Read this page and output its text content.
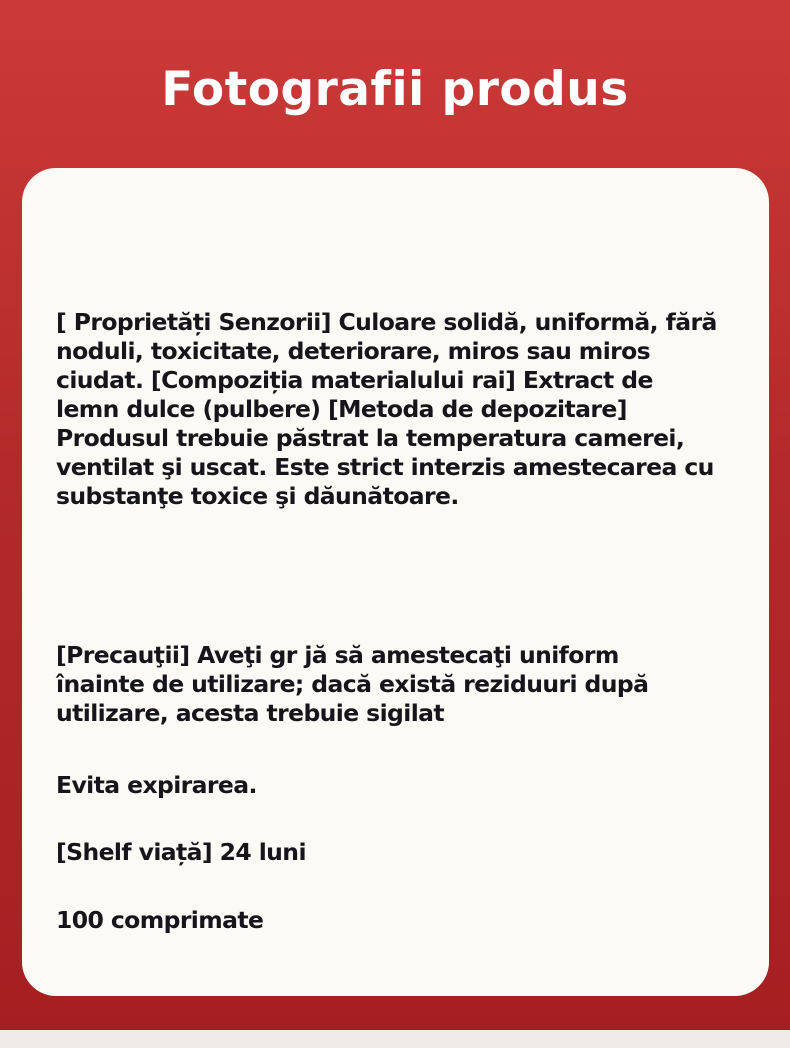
Fotografii produs

[ Proprietăți Senzorii] Culoare solidă, uniformă, fără
noduli, toxicitate, deteriorare, miros sau miros
ciudat. [Compoziția materialului rai] Extract de
lemn dulce (pulbere) [Metoda de depozitare]
Produsul trebuie păstrat la temperatura camerei,
ventilat şi uscat. Este strict interzis amestecarea cu
substanţe toxice şi dăunătoare.

[Precauţii] Aveţi gr jă să amestecaţi uniform
înainte de utilizare; dacă există reziduuri după
utilizare, acesta trebuie sigilat

Evita expirarea.

[Shelf viață] 24 luni

100 comprimate
